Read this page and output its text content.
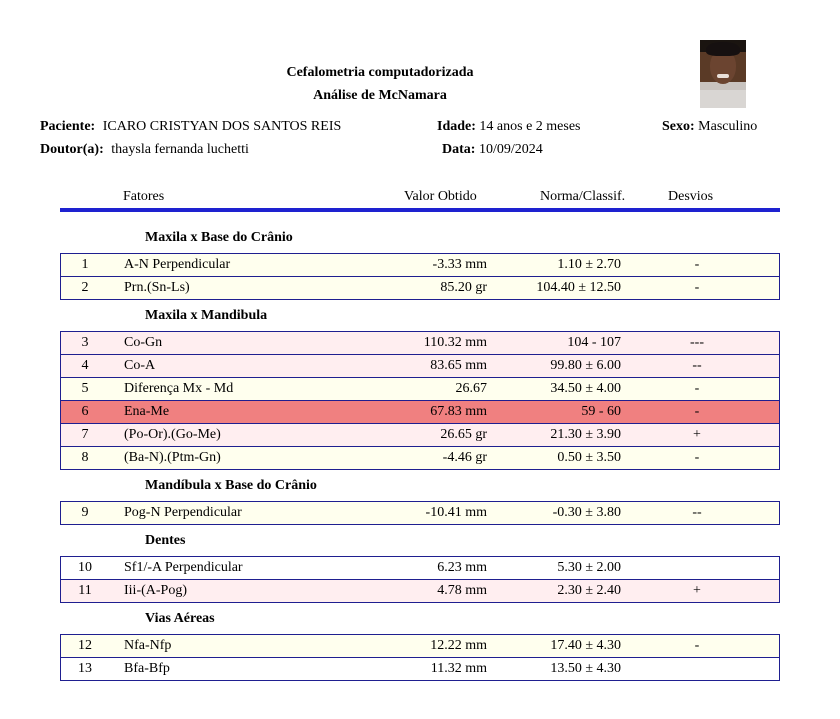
Cefalometria computadorizada
Análise de McNamara
Paciente: ICARO CRISTYAN DOS SANTOS REIS	Idade: 14 anos e 2 meses	Sexo: Masculino
Doutor(a): thaysla fernanda luchetti	Data: 10/09/2024
Fatores	Valor Obtido	Norma/Classif.	Desvios
Maxila x Base do Crânio
1	A-N Perpendicular	-3.33 mm	1.10 ± 2.70	-
2	Prn.(Sn-Ls)	85.20 gr	104.40 ± 12.50	-
Maxila x Mandibula
3	Co-Gn	110.32 mm	104 - 107	---
4	Co-A	83.65 mm	99.80 ± 6.00	--
5	Diferença Mx - Md	26.67	34.50 ± 4.00	-
6	Ena-Me	67.83 mm	59 - 60	-
7	(Po-Or).(Go-Me)	26.65 gr	21.30 ± 3.90	+
8	(Ba-N).(Ptm-Gn)	-4.46 gr	0.50 ± 3.50	-
Mandíbula x Base do Crânio
9	Pog-N Perpendicular	-10.41 mm	-0.30 ± 3.80	--
Dentes
10	Sf1/-A Perpendicular	6.23 mm	5.30 ± 2.00
11	Iii-(A-Pog)	4.78 mm	2.30 ± 2.40	+
Vias Aéreas
12	Nfa-Nfp	12.22 mm	17.40 ± 4.30	-
13	Bfa-Bfp	11.32 mm	13.50 ± 4.30
